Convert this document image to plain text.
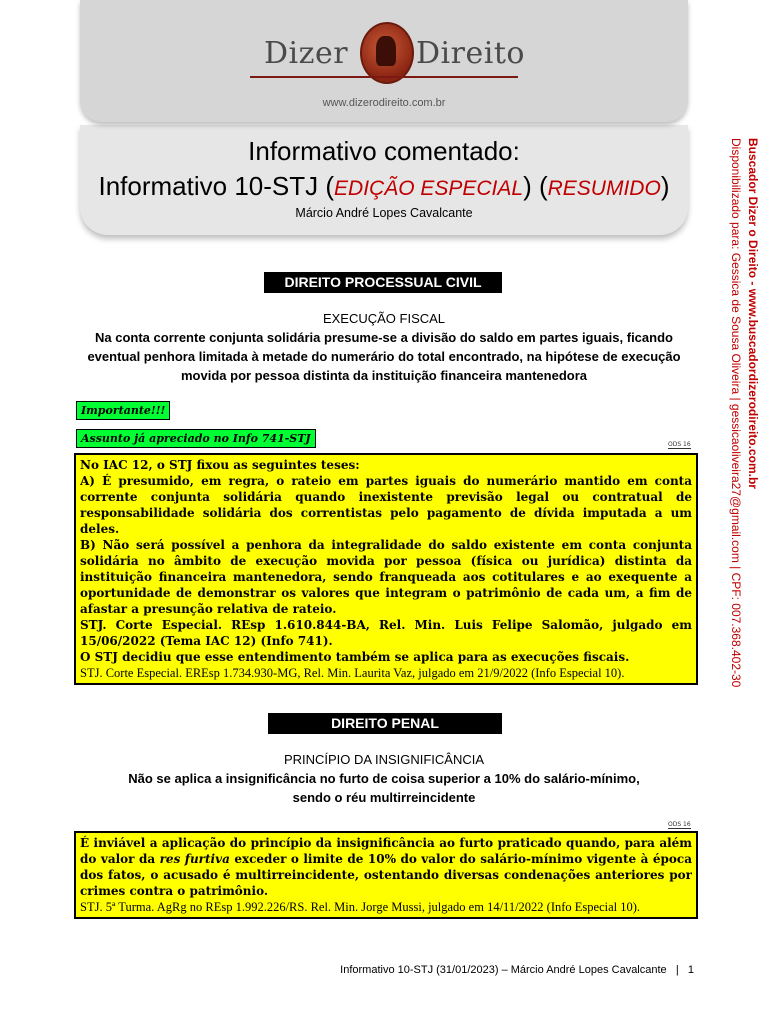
Dizer Direito
www.dizerodireito.com.br
Informativo comentado:
Informativo 10-STJ (EDIÇÃO ESPECIAL) (RESUMIDO)
Márcio André Lopes Cavalcante	Buscador Dizer o Direito - www.buscadordizerodireito.com.br
Disponibilizado para: Gessica de Sousa Oliveira | gessicaoliveira27@gmail.com | CPF: 007.368.402-30
DIREITO PROCESSUAL CIVIL
EXECUÇÃO FISCAL
Na conta corrente conjunta solidária presume-se a divisão do saldo em partes iguais, ficando eventual penhora limitada à metade do numerário do total encontrado, na hipótese de execução movida por pessoa distinta da instituição financeira mantenedora
Importante!!!
Assunto já apreciado no Info 741-STJ	ODS 16

No IAC 12, o STJ fixou as seguintes teses:

A) É presumido, em regra, o rateio em partes iguais do numerário mantido em conta corrente conjunta solidária quando inexistente previsão legal ou contratual de responsabilidade solidária dos correntistas pelo pagamento de dívida imputada a um deles.

B) Não será possível a penhora da integralidade do saldo existente em conta conjunta solidária no âmbito de execução movida por pessoa (física ou jurídica) distinta da instituição financeira mantenedora, sendo franqueada aos cotitulares e ao exequente a oportunidade de demonstrar os valores que integram o patrimônio de cada um, a fim de afastar a presunção relativa de rateio.

STJ. Corte Especial. REsp 1.610.844-BA, Rel. Min. Luis Felipe Salomão, julgado em 15/06/2022 (Tema IAC 12) (Info 741).

O STJ decidiu que esse entendimento também se aplica para as execuções fiscais.

STJ. Corte Especial. EREsp 1.734.930-MG, Rel. Min. Laurita Vaz, julgado em 21/9/2022 (Info Especial 10).

DIREITO PENAL
PRINCÍPIO DA INSIGNIFICÂNCIA
Não se aplica a insignificância no furto de coisa superior a 10% do salário-mínimo,
sendo o réu multirreincidente
ODS 16

É inviável a aplicação do princípio da insignificância ao furto praticado quando, para além do valor da res furtiva exceder o limite de 10% do valor do salário-mínimo vigente à época dos fatos, o acusado é multirreincidente, ostentando diversas condenações anteriores por crimes contra o patrimônio.

STJ. 5ª Turma. AgRg no REsp 1.992.226/RS. Rel. Min. Jorge Mussi, julgado em 14/11/2022 (Info Especial 10).

Informativo 10-STJ (31/01/2023) – Márcio André Lopes Cavalcante | 1
